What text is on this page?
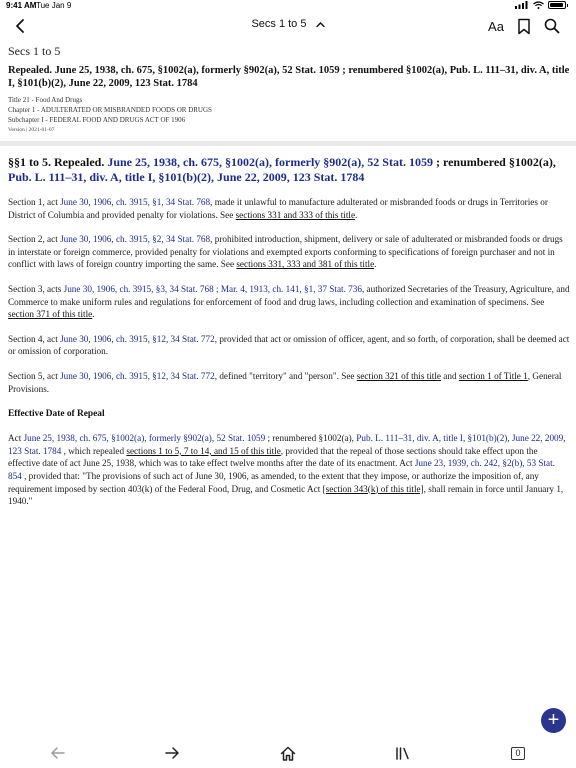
9:41 AM Tue Jan 9
Secs 1 to 5	Aa
Secs 1 to 5
Repealed. June 25, 1938, ch. 675, §1002(a), formerly §902(a), 52 Stat. 1059 ; renumbered §1002(a), Pub. L. 111–31, div. A, title I, §101(b)(2), June 22, 2009, 123 Stat. 1784
Title 21 - Food And Drugs
Chapter 1 - ADULTERATED OR MISBRANDED FOODS OR DRUGS
Subchapter I - FEDERAL FOOD AND DRUGS ACT OF 1906
Version | 2021-01-07
§§1 to 5. Repealed. June 25, 1938, ch. 675, §1002(a), formerly §902(a), 52 Stat. 1059 ; renumbered §1002(a), Pub. L. 111–31, div. A, title I, §101(b)(2), June 22, 2009, 123 Stat. 1784

Section 1, act June 30, 1906, ch. 3915, §1, 34 Stat. 768, made it unlawful to manufacture adulterated or misbranded foods or drugs in Territories or District of Columbia and provided penalty for violations. See sections 331 and 333 of this title.

Section 2, act June 30, 1906, ch. 3915, §2, 34 Stat. 768, prohibited introduction, shipment, delivery or sale of adulterated or misbranded foods or drugs in interstate or foreign commerce, provided penalty for violations and exempted exports conforming to specifications of foreign purchaser and not in conflict with laws of foreign country importing the same. See sections 331, 333 and 381 of this title.

Section 3, acts June 30, 1906, ch. 3915, §3, 34 Stat. 768 ; Mar. 4, 1913, ch. 141, §1, 37 Stat. 736, authorized Secretaries of the Treasury, Agriculture, and Commerce to make uniform rules and regulations for enforcement of food and drug laws, including collection and examination of specimens. See section 371 of this title.

Section 4, act June 30, 1906, ch. 3915, §12, 34 Stat. 772, provided that act or omission of officer, agent, and so forth, of corporation, shall be deemed act or omission of corporation.

Section 5, act June 30, 1906, ch. 3915, §12, 34 Stat. 772, defined "territory" and "person". See section 321 of this title and section 1 of Title 1, General Provisions.

Effective Date of Repeal

Act June 25, 1938, ch. 675, §1002(a), formerly §902(a), 52 Stat. 1059 ; renumbered §1002(a), Pub. L. 111–31, div. A, title I, §101(b)(2), June 22, 2009, 123 Stat. 1784 , which repealed sections 1 to 5, 7 to 14, and 15 of this title, provided that the repeal of those sections should take effect upon the effective date of act June 25, 1938, which was to take effect twelve months after the date of its enactment. Act June 23, 1939, ch. 242, §2(b), 53 Stat. 854 , provided that: "The provisions of such act of June 30, 1906, as amended, to the extent that they impose, or authorize the imposition of, any requirement imposed by section 403(k) of the Federal Food, Drug, and Cosmetic Act [section 343(k) of this title], shall remain in force until January 1, 1940."

+
0
